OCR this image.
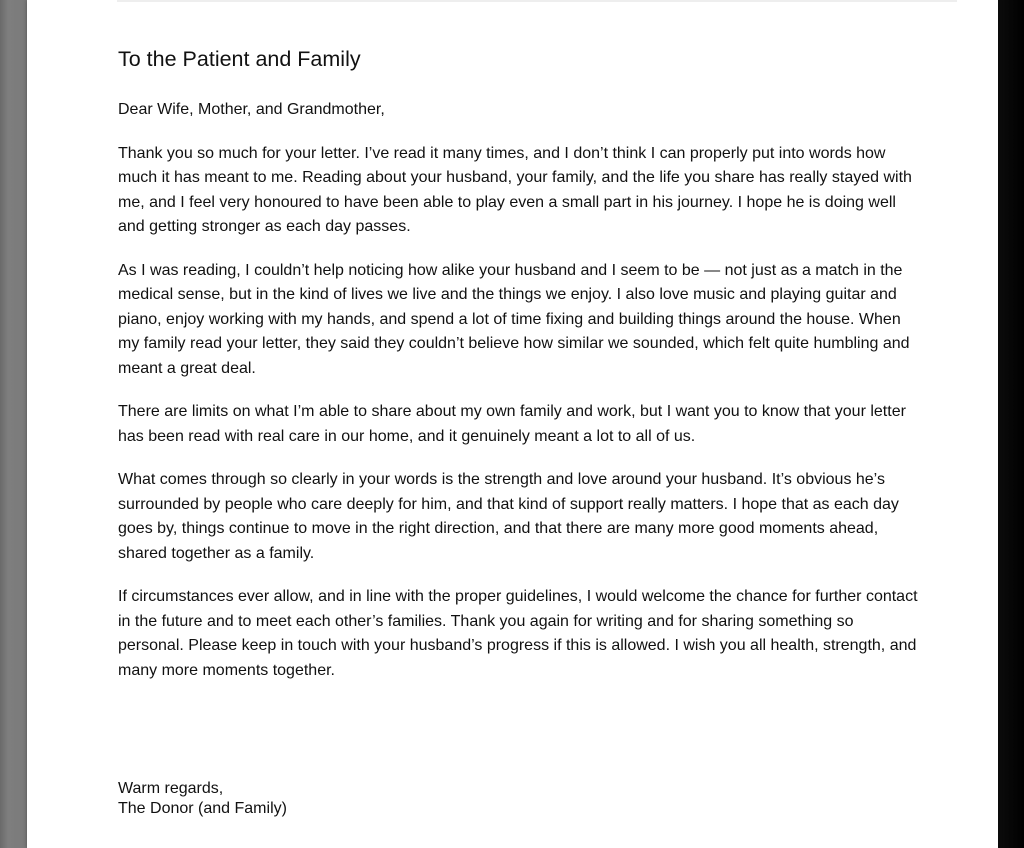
To the Patient and Family

Dear Wife, Mother, and Grandmother,

Thank you so much for your letter. I’ve read it many times, and I don’t think I can properly put into words how much it has meant to me. Reading about your husband, your family, and the life you share has really stayed with me, and I feel very honoured to have been able to play even a small part in his journey. I hope he is doing well and getting stronger as each day passes.

As I was reading, I couldn’t help noticing how alike your husband and I seem to be — not just as a match in the medical sense, but in the kind of lives we live and the things we enjoy. I also love music and playing guitar and piano, enjoy working with my hands, and spend a lot of time fixing and building things around the house. When my family read your letter, they said they couldn’t believe how similar we sounded, which felt quite humbling and meant a great deal.

There are limits on what I’m able to share about my own family and work, but I want you to know that your letter has been read with real care in our home, and it genuinely meant a lot to all of us.

What comes through so clearly in your words is the strength and love around your husband. It’s obvious he’s surrounded by people who care deeply for him, and that kind of support really matters. I hope that as each day goes by, things continue to move in the right direction, and that there are many more good moments ahead, shared together as a family.

If circumstances ever allow, and in line with the proper guidelines, I would welcome the chance for further contact in the future and to meet each other’s families. Thank you again for writing and for sharing something so personal. Please keep in touch with your husband’s progress if this is allowed. I wish you all health, strength, and many more moments together.

Warm regards,
The Donor (and Family)
